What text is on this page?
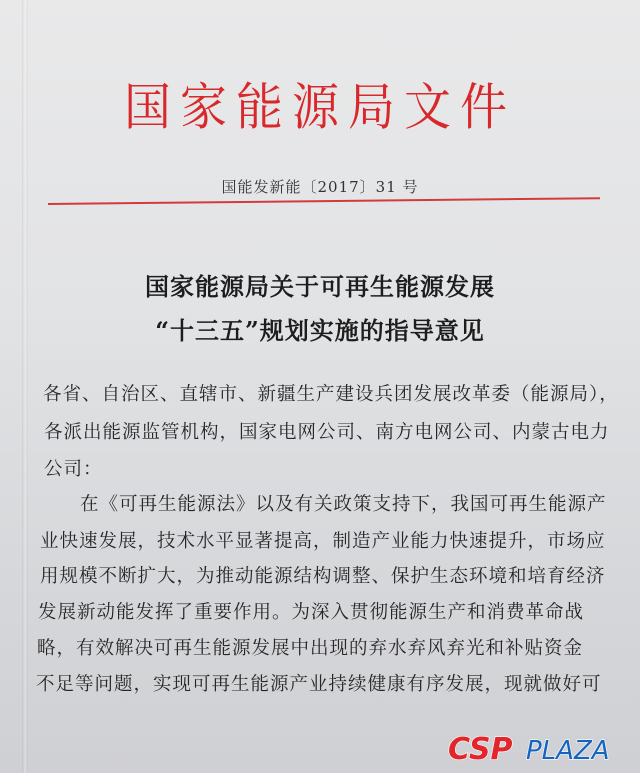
国家能源局文件
国能发新能〔2017〕31 号
国家能源局关于可再生能源发展
“十三五”规划实施的指导意见
各省、自治区、直辖市、新疆生产建设兵团发展改革委（能源局），
各派出能源监管机构，国家电网公司、南方电网公司、内蒙古电力
公司：
在《可再生能源法》以及有关政策支持下，我国可再生能源产
业快速发展，技术水平显著提高，制造产业能力快速提升，市场应
用规模不断扩大，为推动能源结构调整、保护生态环境和培育经济
发展新动能发挥了重要作用。为深入贯彻能源生产和消费革命战
略，有效解决可再生能源发展中出现的弃水弃风弃光和补贴资金
不足等问题，实现可再生能源产业持续健康有序发展，现就做好可
CSP PLAZA
